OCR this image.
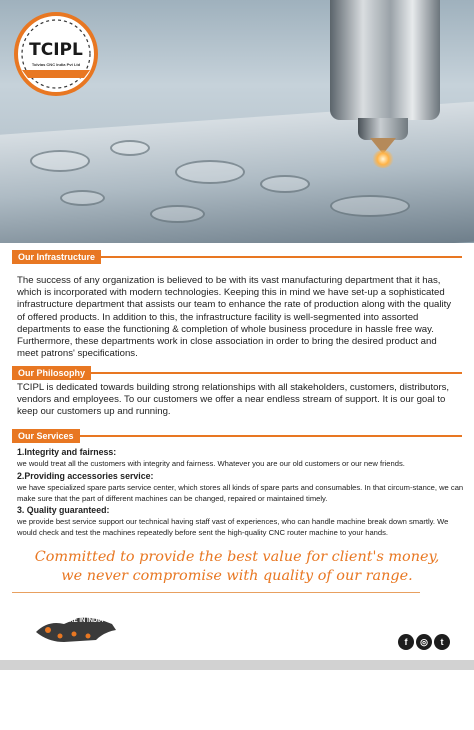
TCIPL
Tolvias CNC India Pvt Ltd
Our Infrastructure
The success of any organization is believed to be with its vast manufacturing department that it has, which is incorporated with modern technologies. Keeping this in mind we have set-up a sophisticated infrastructure department that assists our team to enhance the rate of production along with the quality of offered products. In addition to this, the infrastructure facility is well-segmented into assorted departments to ease the functioning & completion of whole business procedure in hassle free way. Furthermore, these departments work in close association in order to bring the desired product and meet patrons' specifications.
Our Philosophy
TCIPL is dedicated towards building strong relationships with all stakeholders, customers, distributors, vendors and employees. To our customers we offer a near endless stream of support. It is our goal to keep our customers up and running.
Our Services
1.Integrity and fairness:
we would treat all the customers with integrity and fairness. Whatever you are our old customers or our new friends.
2.Providing accessories service:
we have specialized spare parts service center, which stores all kinds of spare parts and consumables. In that circum-stance, we can make sure that the part of different machines can be changed, repaired or maintained timely.
3. Quality guaranteed:
we provide best service support our technical having staff vast of experiences, who can handle machine break down smartly. We would check and test the machines repeatedly before sent the high-quality CNC router machine to your hands.
Committed to provide the best value for client's money,
we never compromise with quality of our range.
MAKE IN INDIA
f	◎	t
